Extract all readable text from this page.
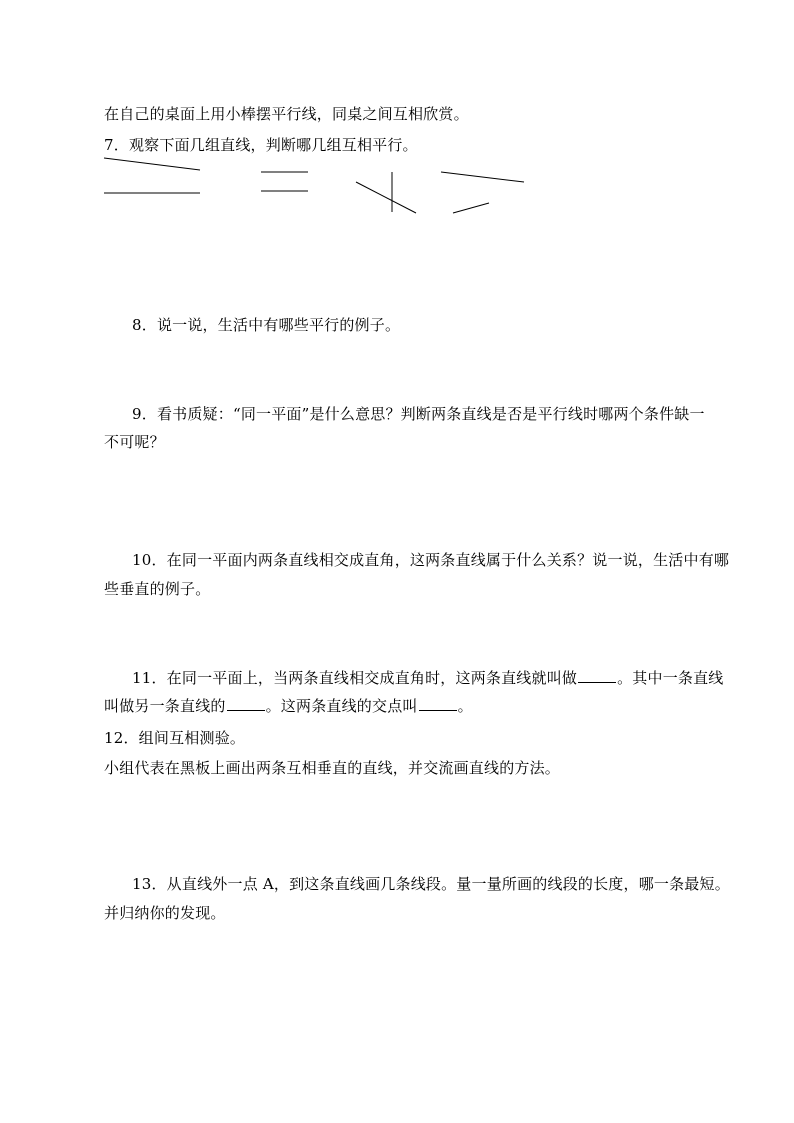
在自己的桌面上用小棒摆平行线，同桌之间互相欣赏。
7．观察下面几组直线，判断哪几组互相平行。
8．说一说，生活中有哪些平行的例子。
9．看书质疑：“同一平面”是什么意思？判断两条直线是否是平行线时哪两个条件缺一
不可呢？
10．在同一平面内两条直线相交成直角，这两条直线属于什么关系？说一说，生活中有哪
些垂直的例子。
11．在同一平面上，当两条直线相交成直角时，这两条直线就叫做	。其中一条直线
叫做另一条直线的	。这两条直线的交点叫	。
12．组间互相测验。
小组代表在黑板上画出两条互相垂直的直线，并交流画直线的方法。
13．从直线外一点 A，到这条直线画几条线段。量一量所画的线段的长度，哪一条最短。
并归纳你的发现。
